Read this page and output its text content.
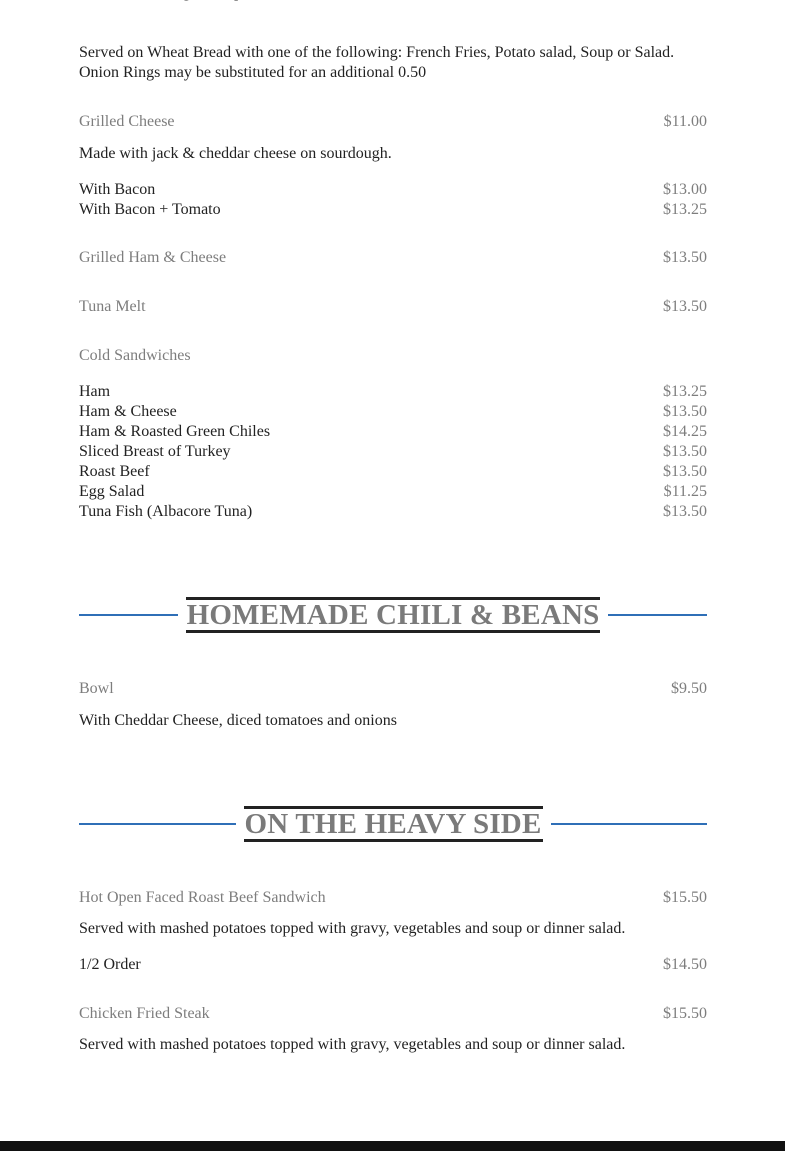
Served on Wheat Bread with one of the following: French Fries, Potato salad, Soup or Salad.
Onion Rings may be substituted for an additional 0.50
Grilled Cheese	$11.00
Made with jack & cheddar cheese on sourdough.
With Bacon	$13.00
With Bacon + Tomato	$13.25
Grilled Ham & Cheese	$13.50
Tuna Melt	$13.50
Cold Sandwiches
Ham	$13.25
Ham & Cheese	$13.50
Ham & Roasted Green Chiles	$14.25
Sliced Breast of Turkey	$13.50
Roast Beef	$13.50
Egg Salad	$11.25
Tuna Fish (Albacore Tuna)	$13.50
HOMEMADE CHILI & BEANS
Bowl	$9.50
With Cheddar Cheese, diced tomatoes and onions
ON THE HEAVY SIDE
Hot Open Faced Roast Beef Sandwich	$15.50
Served with mashed potatoes topped with gravy, vegetables and soup or dinner salad.
1/2 Order	$14.50
Chicken Fried Steak	$15.50
Served with mashed potatoes topped with gravy, vegetables and soup or dinner salad.
